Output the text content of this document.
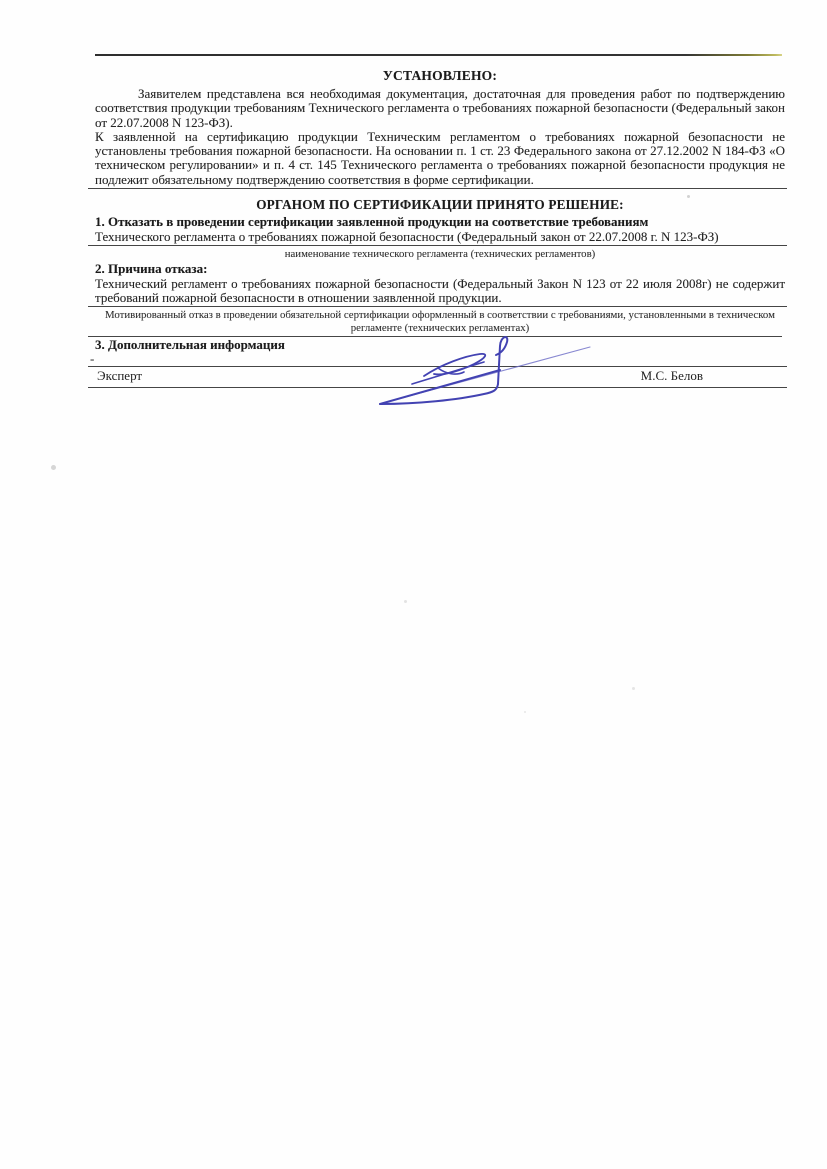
УСТАНОВЛЕНО:

Заявителем представлена вся необходимая документация, достаточная для проведения работ по подтверждению соответствия продукции требованиям Технического регламента о требованиях пожарной безопасности (Федеральный закон от 22.07.2008 N 123-ФЗ).

К заявленной на сертификацию продукции Техническим регламентом о требованиях пожарной безопасности не установлены требования пожарной безопасности. На основании п. 1 ст. 23 Федерального закона от 27.12.2002 N 184-ФЗ «О техническом регулировании» и п. 4 ст. 145 Технического регламента о требованиях пожарной безопасности продукция не подлежит обязательному подтверждению соответствия в форме сертификации.

ОРГАНОМ ПО СЕРТИФИКАЦИИ ПРИНЯТО РЕШЕНИЕ:

1. Отказать в проведении сертификации заявленной продукции на соответствие требованиям

Технического регламента о требованиях пожарной безопасности (Федеральный закон от 22.07.2008 г. N 123-ФЗ)

наименование технического регламента (технических регламентов)

2. Причина отказа:

Технический регламент о требованиях пожарной безопасности (Федеральный Закон N 123 от 22 июля 2008г) не содержит требований пожарной безопасности в отношении заявленной продукции.

Мотивированный отказ в проведении обязательной сертификации оформленный в соответствии с требованиями, установленными в техническом регламенте (технических регламентах)

3. Дополнительная информация

-
Эксперт	М.С. Белов
